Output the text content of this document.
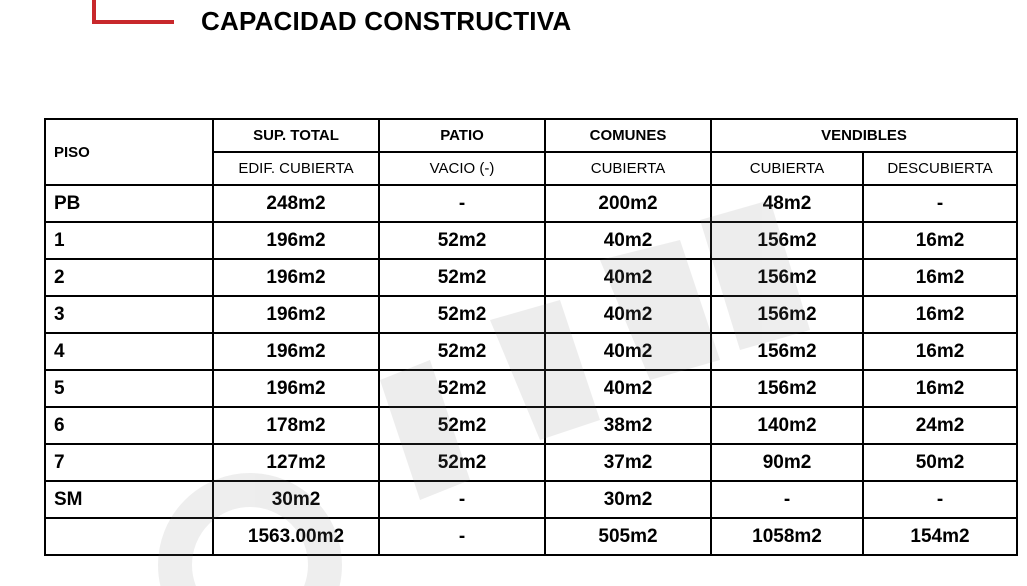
CAPACIDAD CONSTRUCTIVA
PISO	SUP. TOTAL	PATIO	COMUNES	VENDIBLES	
	EDIF. CUBIERTA	VACIO (-)	CUBIERTA	CUBIERTA	DESCUBIERTA
PB	248m2	-	200m2	48m2	-
1	196m2	52m2	40m2	156m2	16m2
2	196m2	52m2	40m2	156m2	16m2
3	196m2	52m2	40m2	156m2	16m2
4	196m2	52m2	40m2	156m2	16m2
5	196m2	52m2	40m2	156m2	16m2
6	178m2	52m2	38m2	140m2	24m2
7	127m2	52m2	37m2	90m2	50m2
SM	30m2	-	30m2	-	-
	1563.00m2	-	505m2	1058m2	154m2
